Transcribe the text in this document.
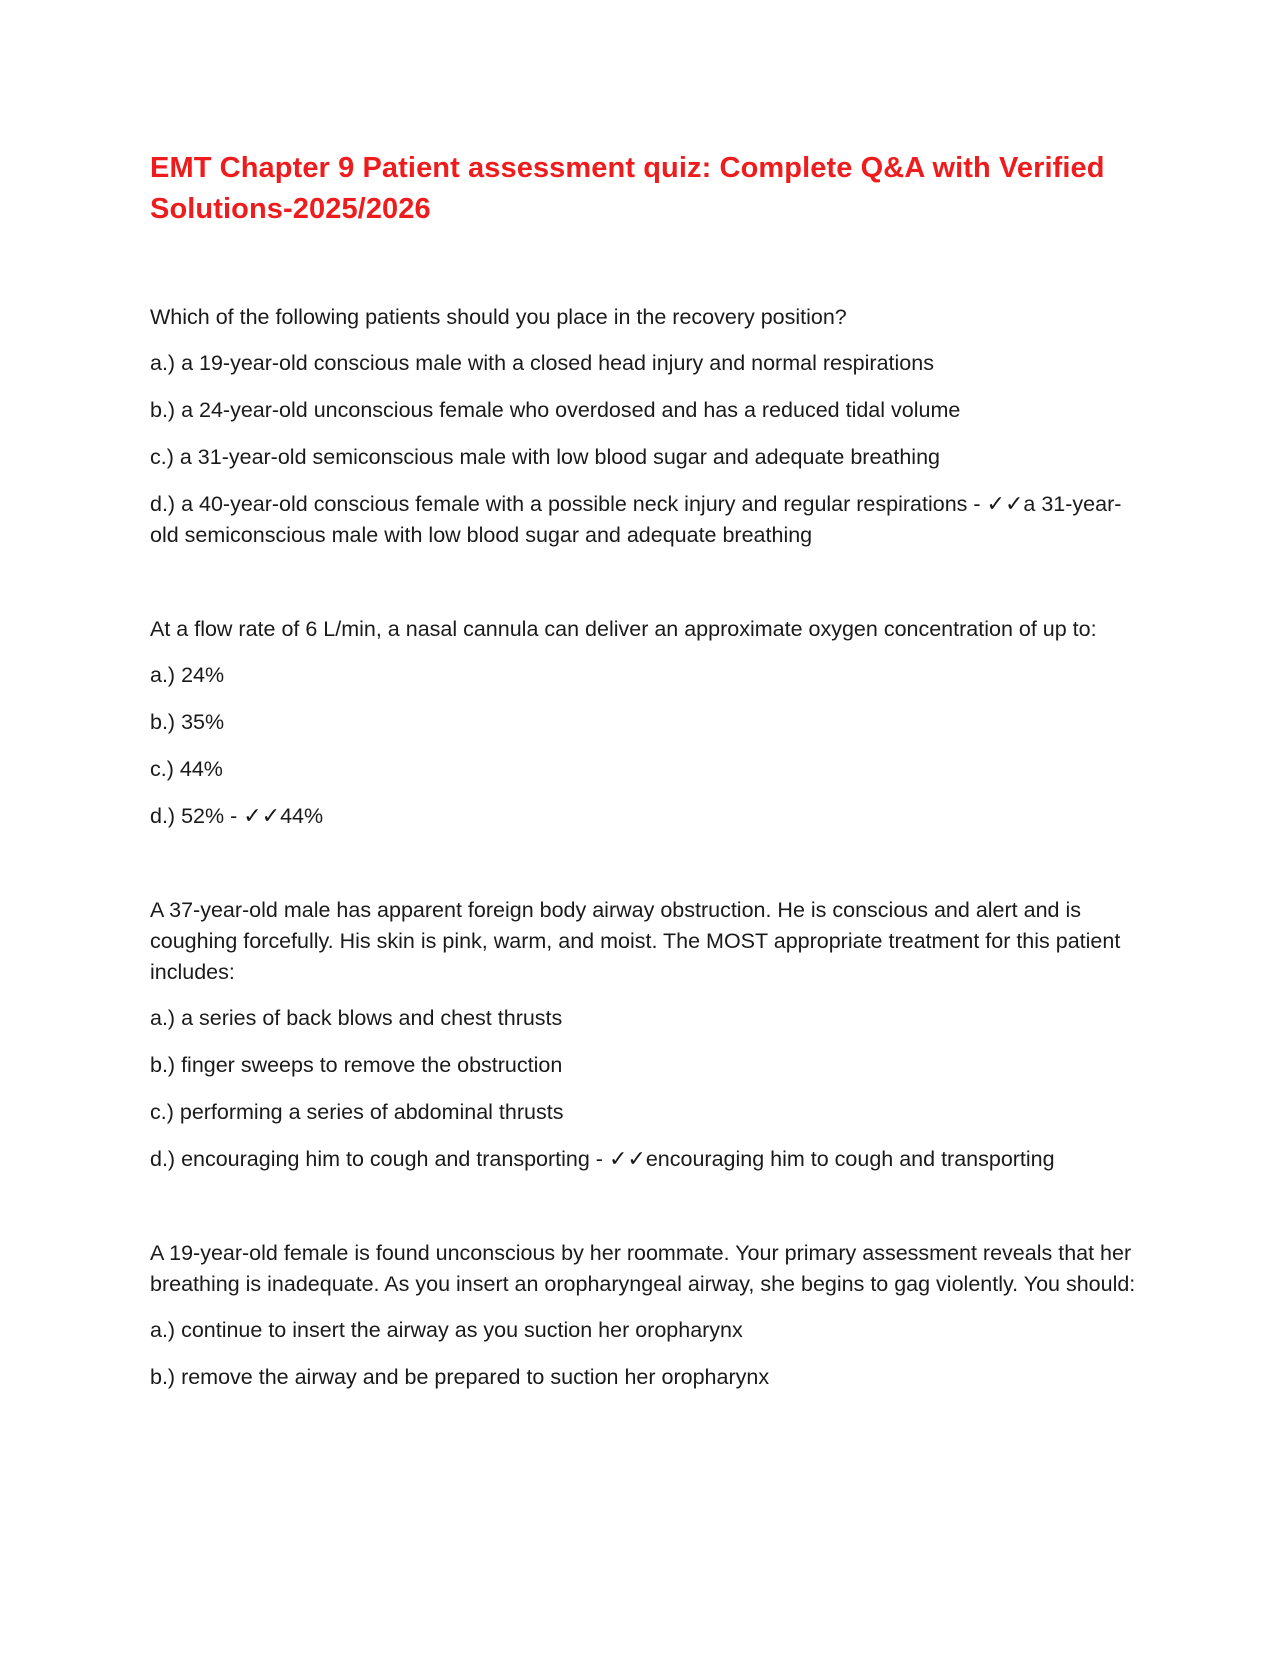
EMT Chapter 9 Patient assessment quiz: Complete Q&A with Verified Solutions-2025/2026

Which of the following patients should you place in the recovery position?

a.) a 19-year-old conscious male with a closed head injury and normal respirations

b.) a 24-year-old unconscious female who overdosed and has a reduced tidal volume

c.) a 31-year-old semiconscious male with low blood sugar and adequate breathing

d.) a 40-year-old conscious female with a possible neck injury and regular respirations - ✓✓a 31-year-old semiconscious male with low blood sugar and adequate breathing

At a flow rate of 6 L/min, a nasal cannula can deliver an approximate oxygen concentration of up to:

a.) 24%

b.) 35%

c.) 44%

d.) 52% - ✓✓44%

A 37-year-old male has apparent foreign body airway obstruction. He is conscious and alert and is coughing forcefully. His skin is pink, warm, and moist. The MOST appropriate treatment for this patient includes:

a.) a series of back blows and chest thrusts

b.) finger sweeps to remove the obstruction

c.) performing a series of abdominal thrusts

d.) encouraging him to cough and transporting - ✓✓encouraging him to cough and transporting

A 19-year-old female is found unconscious by her roommate. Your primary assessment reveals that her breathing is inadequate. As you insert an oropharyngeal airway, she begins to gag violently. You should:

a.) continue to insert the airway as you suction her oropharynx

b.) remove the airway and be prepared to suction her oropharynx
